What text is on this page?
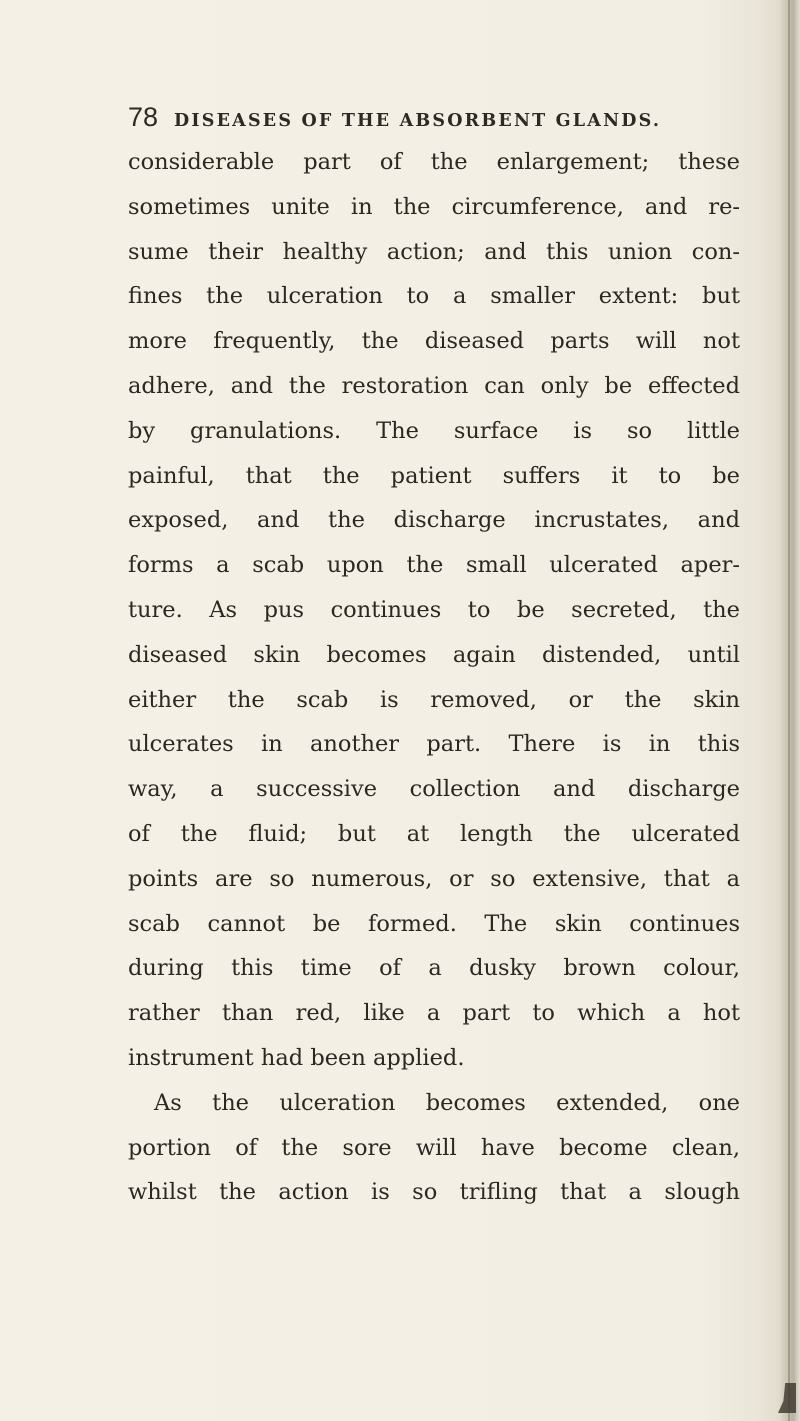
78 DISEASES OF THE ABSORBENT GLANDS.
considerable part of the enlargement; these
sometimes unite in the circumference, and re-
sume their healthy action; and this union con-
fines the ulceration to a smaller extent: but
more frequently, the diseased parts will not
adhere, and the restoration can only be effected
by granulations. The surface is so little
painful, that the patient suffers it to be
exposed, and the discharge incrustates, and
forms a scab upon the small ulcerated aper-
ture. As pus continues to be secreted, the
diseased skin becomes again distended, until
either the scab is removed, or the skin
ulcerates in another part. There is in this
way, a successive collection and discharge
of the fluid; but at length the ulcerated
points are so numerous, or so extensive, that a
scab cannot be formed. The skin continues
during this time of a dusky brown colour,
rather than red, like a part to which a hot
instrument had been applied.
As the ulceration becomes extended, one
portion of the sore will have become clean,
whilst the action is so trifling that a slough
